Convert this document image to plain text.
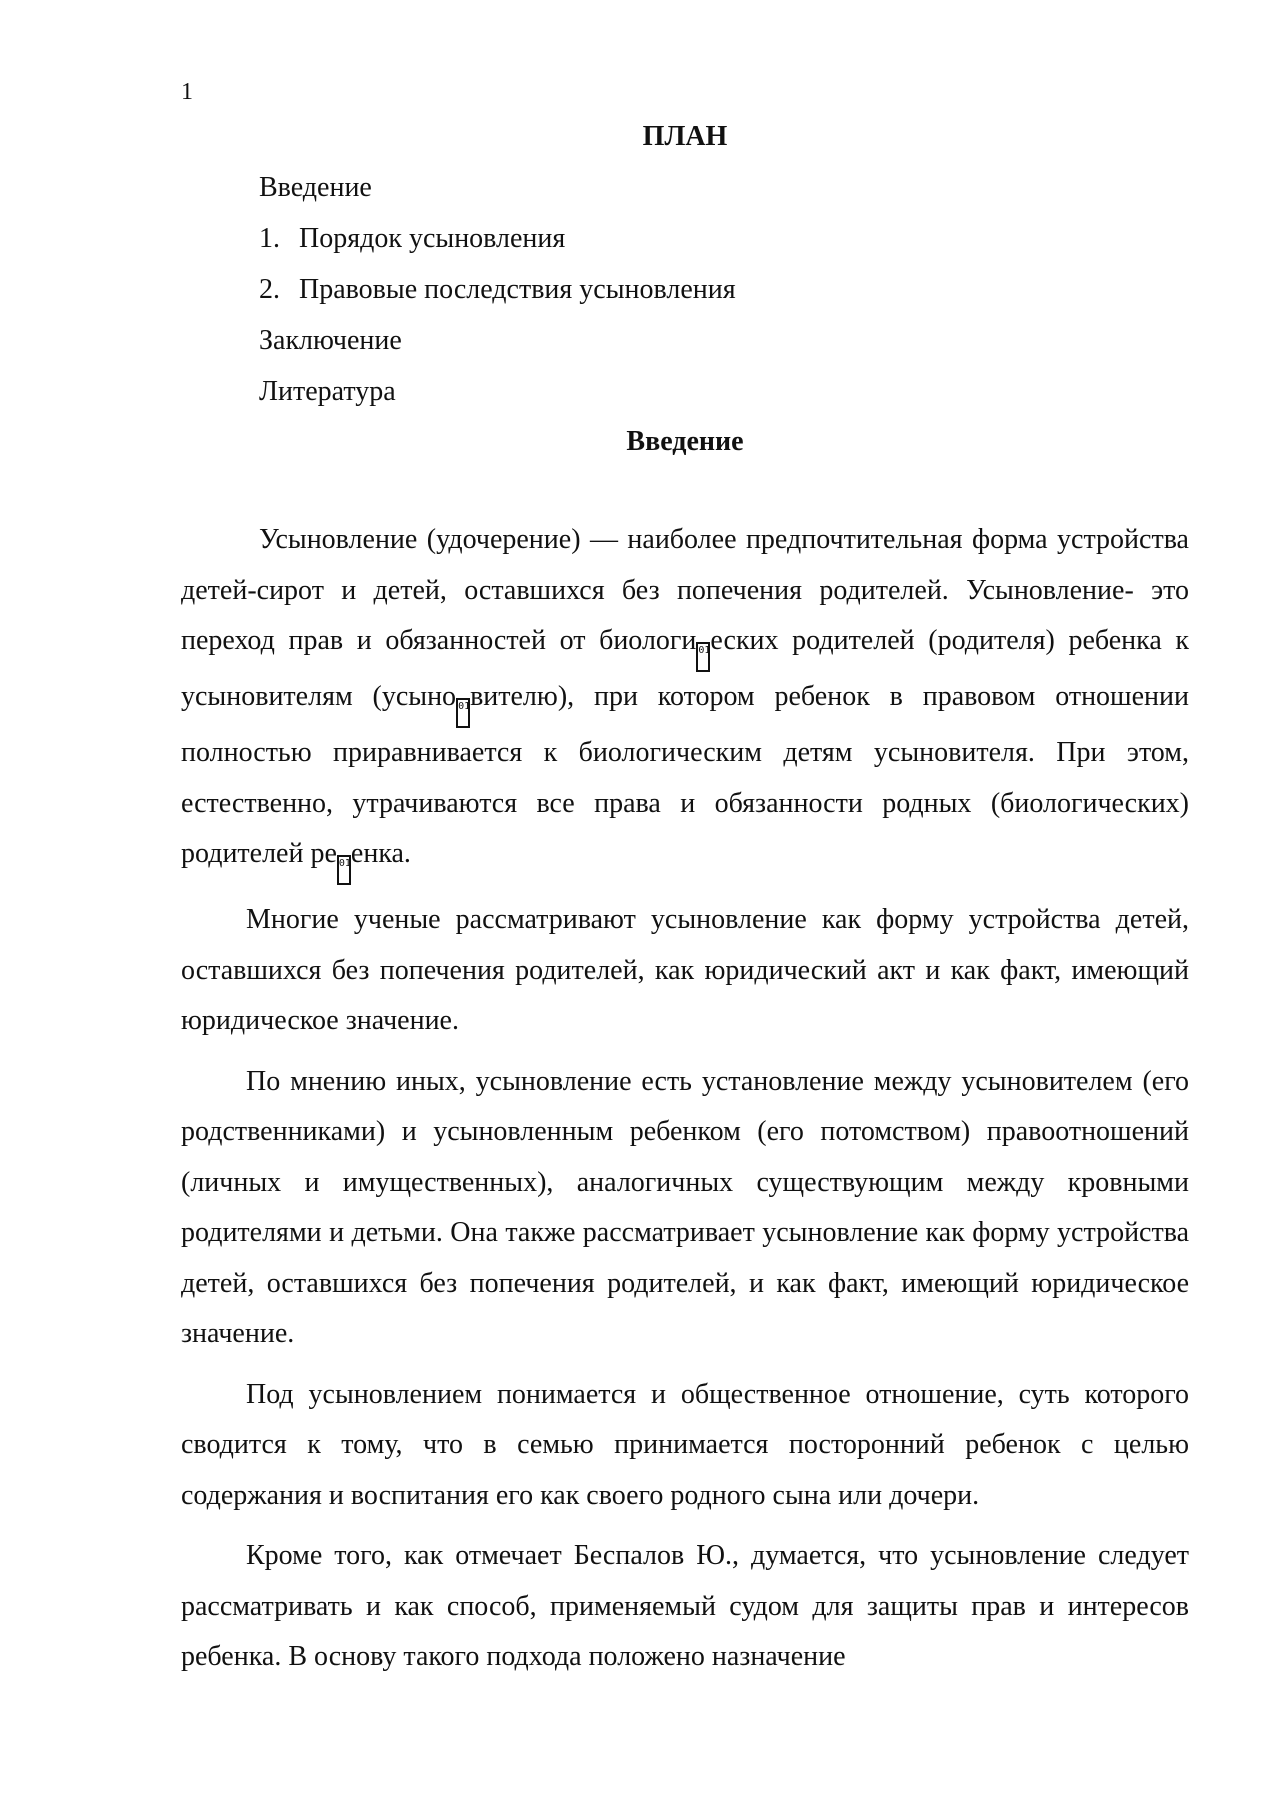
1
ПЛАН
Введение
1. Порядок усыновления
2. Правовые последствия усыновления
Заключение
Литература
Введение

Усыновление (удочерение) — наиболее предпочтительная форма устройства детей-сирот и детей, оставшихся без попечения родителей. Усыновление- это переход прав и обязанностей от биологи 01еских родителей (родителя) ребенка к усыновителям (усыно 01вителю), при котором ребенок в правовом отношении полностью приравнивается к биологическим детям усыновителя. При этом, естественно, утрачиваются все права и обязанности родных (биологических) родителей ре 01енка.

Многие ученые рассматривают усыновление как форму устройства детей, оставшихся без попечения родителей, как юридический акт и как факт, имеющий юридическое значение.

По мнению иных, усыновление есть установление между усыновителем (его родственниками) и усыновленным ребенком (его потомством) правоотношений (личных и имущественных), аналогичных существующим между кровными родителями и детьми. Она также рассматривает усыновление как форму устройства детей, оставшихся без попечения родителей, и как факт, имеющий юридическое значение.

Под усыновлением понимается и общественное отношение, суть которого сводится к тому, что в семью принимается посторонний ребенок с целью содержания и воспитания его как своего родного сына или дочери.

Кроме того, как отмечает Беспалов Ю., думается, что усыновление следует рассматривать и как способ, применяемый судом для защиты прав и интересов ребенка. В основу такого подхода положено назначение
